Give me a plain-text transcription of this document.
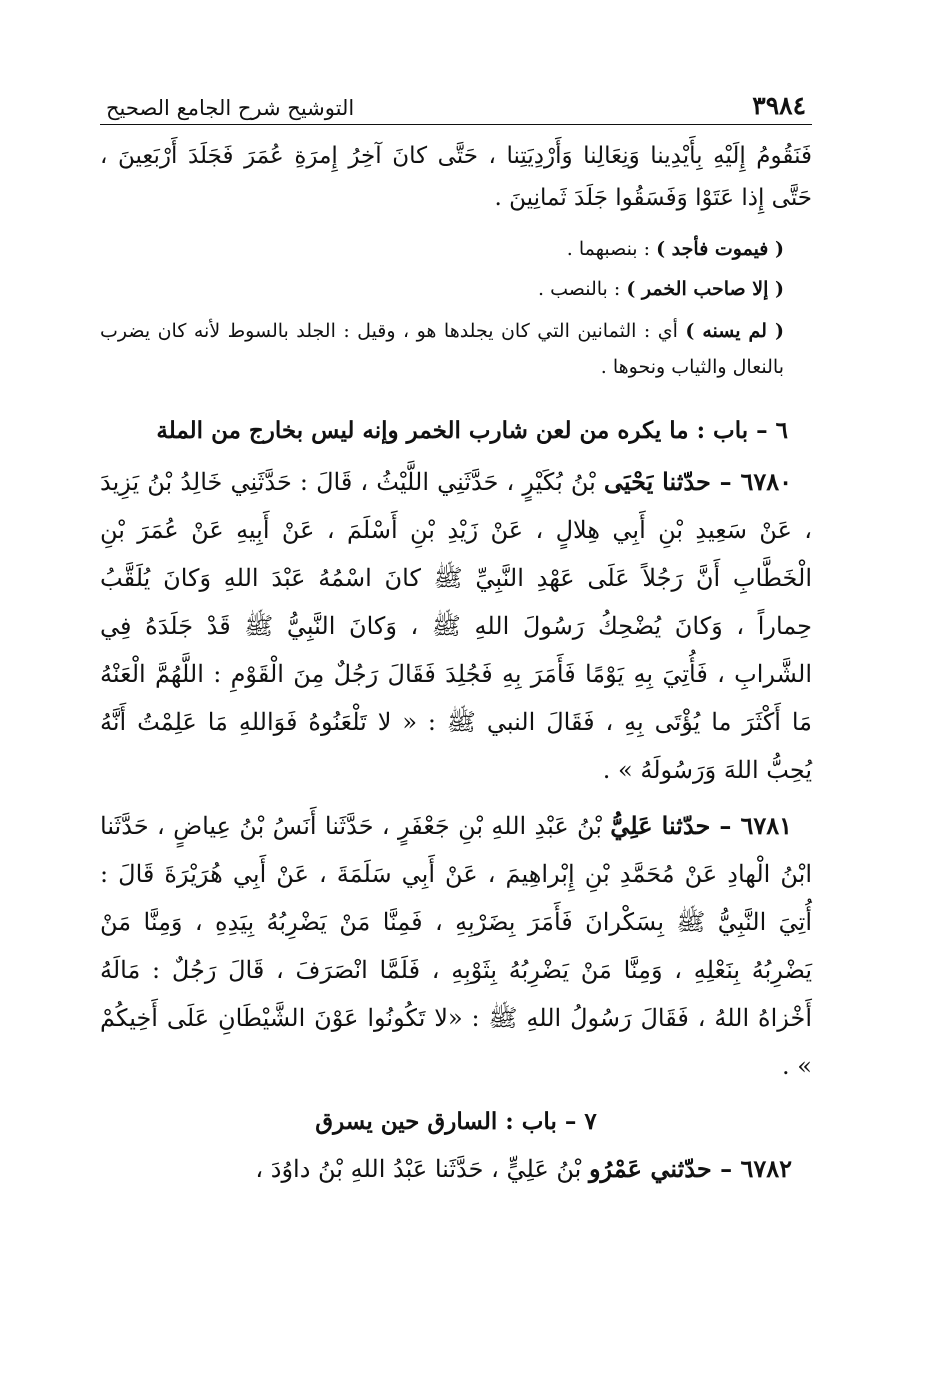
٣٩٨٤
التوشيح شرح الجامع الصحيح

فَنَقُومُ إِلَيْهِ بِأَيْدِينا وَنِعَالِنا وَأَرْدِيَتِنا ، حَتَّى كانَ آخِرُ إِمرَةِ عُمَرَ فَجَلَدَ أَرْبَعِينَ ، حَتَّى إِذا عَتَوْا وَفَسَقُوا جَلَدَ ثَمانِينَ .

( فيموت فأجد ) : بنصبهما .

( إلا صاحب الخمر ) : بالنصب .

( لم يسنه ) أي : الثمانين التي كان يجلدها هو ، وقيل : الجلد بالسوط لأنه كان يضرب بالنعال والثياب ونحوها .

٦ – باب : ما يكره من لعن شارب الخمر وإنه ليس بخارج من الملة

٦٧٨٠ – حدّثنا يَحْيَى بْنُ بُكَيْرٍ ، حَدَّثَنِي اللَّيْثُ ، قَالَ : حَدَّثَنِي خَالِدُ بْنُ يَزِيدَ ، عَنْ سَعِيدِ بْنِ أَبِي هِلالٍ ، عَنْ زَيْدِ بْنِ أَسْلَمَ ، عَنْ أَبِيهِ عَنْ عُمَرَ بْنِ الْخَطَّابِ أَنَّ رَجُلاً عَلَى عَهْدِ النَّبِيِّ ﷺ كانَ اسْمُهُ عَبْدَ اللهِ وَكانَ يُلَقَّبُ حِماراً ، وَكانَ يُضْحِكُ رَسُولَ اللهِ ﷺ ، وَكانَ النَّبِيُّ ﷺ قَدْ جَلَدَهُ فِي الشَّرابِ ، فَأُتِيَ بِهِ يَوْمًا فَأَمَرَ بِهِ فَجُلِدَ فَقَالَ رَجُلٌ مِنَ الْقَوْمِ : اللَّهُمَّ الْعَنْهُ مَا أَكْثَرَ ما يُؤْتَى بِهِ ، فَقَالَ النبي ﷺ : « لا تَلْعَنُوهُ فَوَاللهِ مَا عَلِمْتُ أَنَّهُ يُحِبُّ اللهَ وَرَسُولَهُ » .

٦٧٨١ – حدّثنا عَلِيُّ بْنُ عَبْدِ اللهِ بْنِ جَعْفَرٍ ، حَدَّثَنا أَنَسُ بْنُ عِياضٍ ، حَدَّثَنا ابْنُ الْهادِ عَنْ مُحَمَّدِ بْنِ إِبْراهِيمَ ، عَنْ أَبِي سَلَمَةَ ، عَنْ أَبِي هُرَيْرَةَ قَالَ : أُتِيَ النَّبِيُّ ﷺ بِسَكْرانَ فَأَمَرَ بِضَرْبِهِ ، فَمِنَّا مَنْ يَضْرِبُهُ بِيَدِهِ ، وَمِنَّا مَنْ يَضْرِبُهُ بِنَعْلِهِ ، وَمِنَّا مَنْ يَضْرِبُهُ بِثَوْبِهِ ، فَلَمَّا انْصَرَفَ ، قَالَ رَجُلٌ : مَالَهُ أَخْزاهُ اللهُ ، فَقَالَ رَسُولُ اللهِ ﷺ : «لا تَكُونُوا عَوْنَ الشَّيْطَانِ عَلَى أَخِيكُمْ » .

٧ – باب : السارق حين يسرق

٦٧٨٢ – حدّثني عَمْرُو بْنُ عَلِيٍّ ، حَدَّثَنا عَبْدُ اللهِ بْنُ داوُدَ ،
